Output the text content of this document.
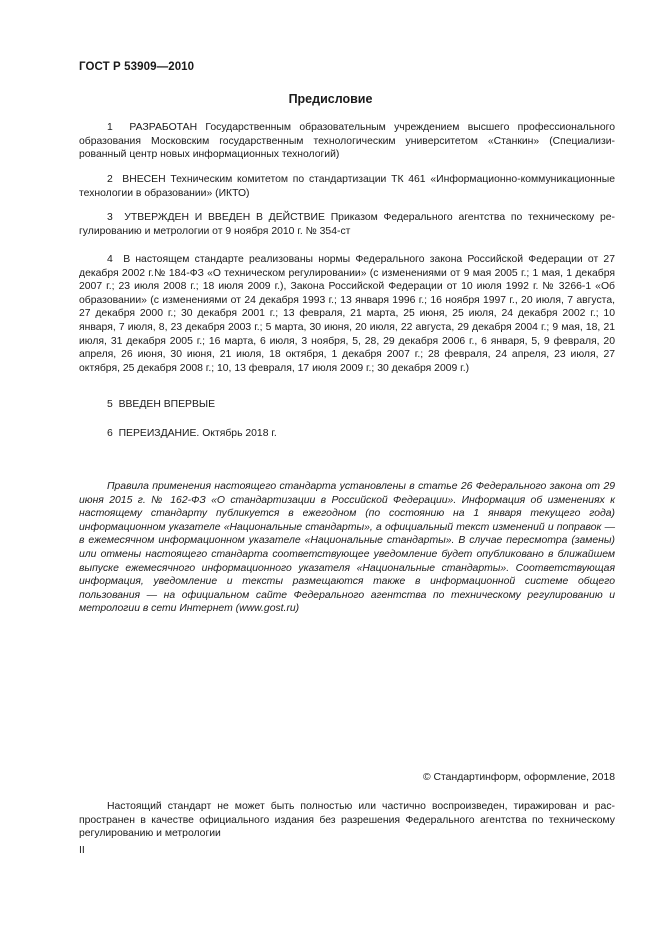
ГОСТ Р 53909—2010
Предисловие
1 РАЗРАБОТАН Государственным образовательным учреждением высшего профессионального образования Московским государственным технологическим университетом «Станкин» (Специализированный центр новых информационных технологий)
2 ВНЕСЕН Техническим комитетом по стандартизации ТК 461 «Информационно-коммуникационные технологии в образовании» (ИКТО)
3 УТВЕРЖДЕН И ВВЕДЕН В ДЕЙСТВИЕ Приказом Федерального агентства по техническому регулированию и метрологии от 9 ноября 2010 г. № 354-ст
4 В настоящем стандарте реализованы нормы Федерального закона Российской Федерации от 27 декабря 2002 г.№ 184-ФЗ «О техническом регулировании» (с изменениями от 9 мая 2005 г.; 1 мая, 1 декабря 2007 г.; 23 июля 2008 г.; 18 июля 2009 г.), Закона Российской Федерации от 10 июля 1992 г. № 3266-1 «Об образовании» (с изменениями от 24 декабря 1993 г.; 13 января 1996 г.; 16 ноября 1997 г., 20 июля, 7 августа, 27 декабря 2000 г.; 30 декабря 2001 г.; 13 февраля, 21 марта, 25 июня, 25 июля, 24 декабря 2002 г.; 10 января, 7 июля, 8, 23 декабря 2003 г.; 5 марта, 30 июня, 20 июля, 22 августа, 29 декабря 2004 г.; 9 мая, 18, 21 июля, 31 декабря 2005 г.; 16 марта, 6 июля, 3 ноября, 5, 28, 29 декабря 2006 г., 6 января, 5, 9 февраля, 20 апреля, 26 июня, 30 июня, 21 июля, 18 октября, 1 декабря 2007 г.; 28 февраля, 24 апреля, 23 июля, 27 октября, 25 декабря 2008 г.; 10, 13 февраля, 17 июля 2009 г.; 30 декабря 2009 г.)
5 ВВЕДЕН ВПЕРВЫЕ
6 ПЕРЕИЗДАНИЕ. Октябрь 2018 г.
Правила применения настоящего стандарта установлены в статье 26 Федерального закона от 29 июня 2015 г. № 162-ФЗ «О стандартизации в Российской Федерации». Информация об изменениях к настоящему стандарту публикуется в ежегодном (по состоянию на 1 января текущего года) информационном указателе «Национальные стандарты», а официальный текст изменений и поправок — в ежемесячном информационном указателе «Национальные стандарты». В случае пересмотра (замены) или отмены настоящего стандарта соответствующее уведомление будет опубликовано в ближайшем выпуске ежемесячного информационного указателя «Национальные стандарты». Соответствующая информация, уведомление и тексты размещаются также в информационной системе общего пользования — на официальном сайте Федерального агентства по техническому регулированию и метрологии в сети Интернет (www.gost.ru)
© Стандартинформ, оформление, 2018
Настоящий стандарт не может быть полностью или частично воспроизведен, тиражирован и распространен в качестве официального издания без разрешения Федерального агентства по техническому регулированию и метрологии
II
